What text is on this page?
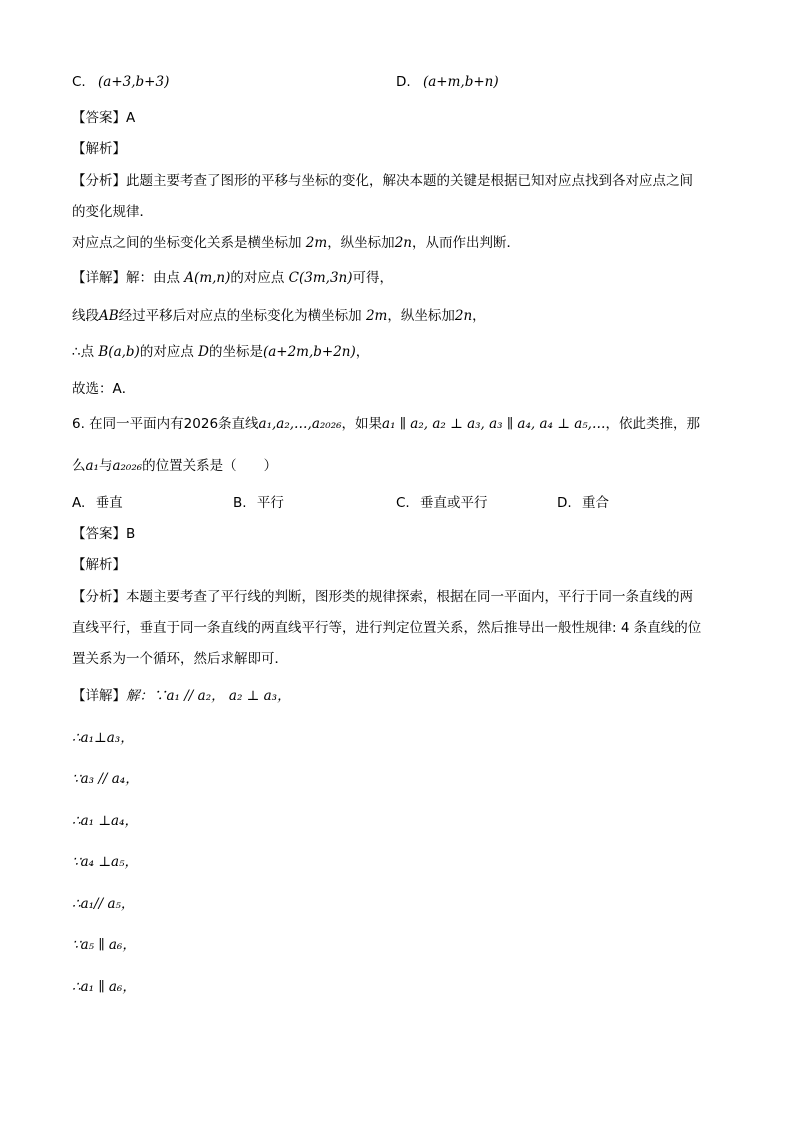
C. (a+3,b+3)	D. (a+m,b+n)
【答案】A
【解析】
【分析】此题主要考查了图形的平移与坐标的变化，解决本题的关键是根据已知对应点找到各对应点之间
的变化规律．
对应点之间的坐标变化关系是横坐标加 2m，纵坐标加2n，从而作出判断．
【详解】解：由点 A(m,n)的对应点 C(3m,3n)可得，
线段AB经过平移后对应点的坐标变化为横坐标加 2m，纵坐标加2n，
∴点 B(a,b)的对应点 D的坐标是(a+2m,b+2n)，
故选：A．
6. 在同一平面内有2026条直线a₁,a₂,…,a₂₀₂₆，如果a₁ ∥ a₂, a₂ ⊥ a₃, a₃ ∥ a₄, a₄ ⊥ a₅,…，依此类推，那
么a₁与a₂₀₂₆的位置关系是（　　）
A. 垂直	B. 平行	C. 垂直或平行	D. 重合
【答案】B
【解析】
【分析】本题主要考查了平行线的判断，图形类的规律探索，根据在同一平面内，平行于同一条直线的两
直线平行，垂直于同一条直线的两直线平行等，进行判定位置关系，然后推导出一般性规律: 4 条直线的位
置关系为一个循环，然后求解即可．
【详解】解：∵a₁ // a₂， a₂ ⊥ a₃，
∴a₁⊥a₃，
∵a₃ // a₄，
∴a₁ ⊥a₄，
∵a₄ ⊥a₅，
∴a₁// a₅，
∵a₅ ∥ a₆，
∴a₁ ∥ a₆，
